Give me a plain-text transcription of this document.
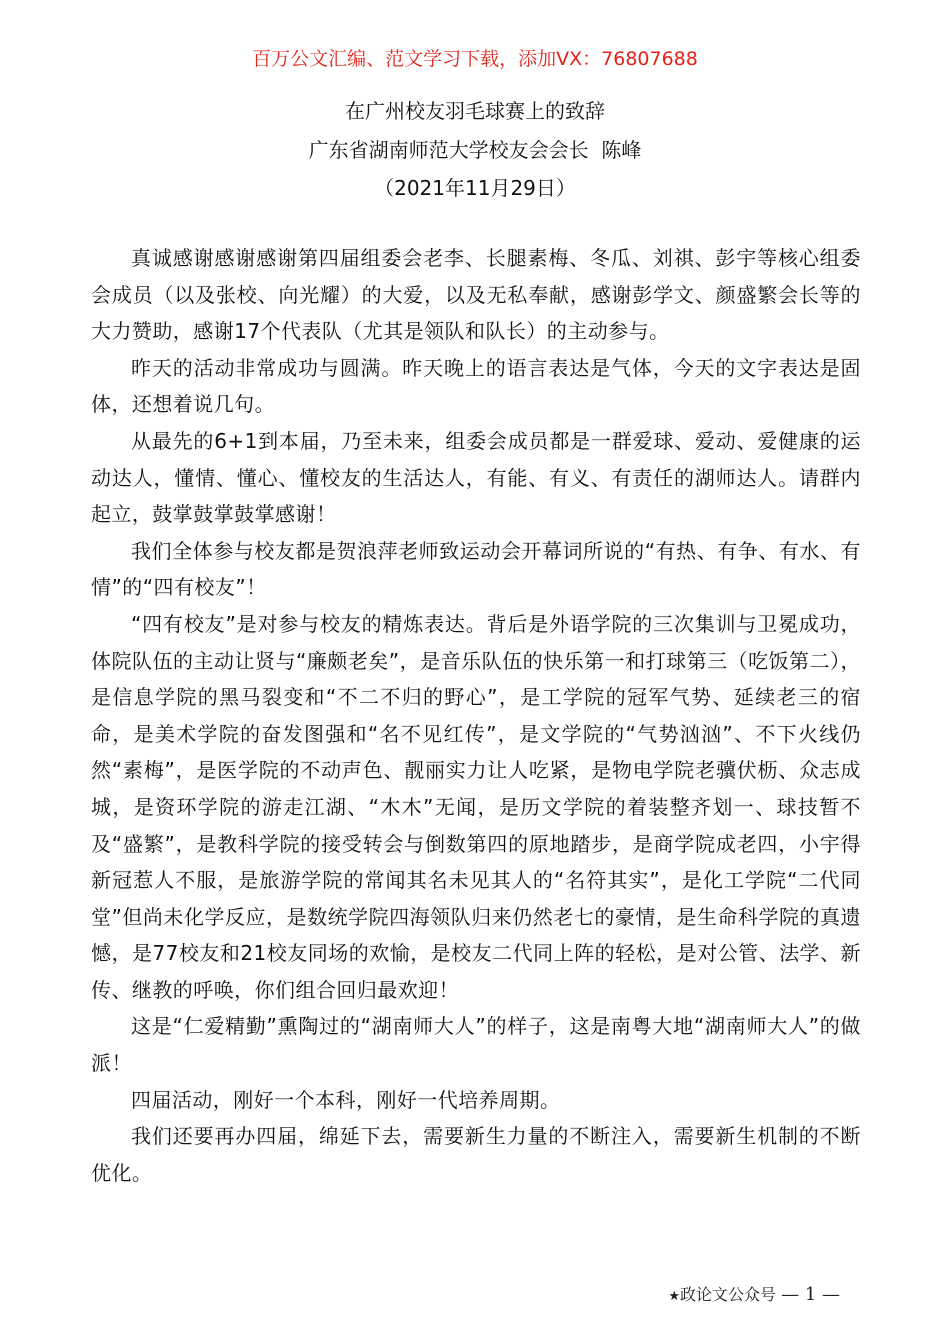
百万公文汇编、范文学习下载，添加VX：76807688
在广州校友羽毛球赛上的致辞
广东省湖南师范大学校友会会长  陈峰
（2021年11月29日）

真诚感谢感谢感谢第四届组委会老李、长腿素梅、冬瓜、刘祺、彭宇等核心组委会成员（以及张校、向光耀）的大爱，以及无私奉献，感谢彭学文、颜盛繁会长等的大力赞助，感谢17个代表队（尤其是领队和队长）的主动参与。

昨天的活动非常成功与圆满。昨天晚上的语言表达是气体，今天的文字表达是固体，还想着说几句。

从最先的6+1到本届，乃至未来，组委会成员都是一群爱球、爱动、爱健康的运动达人，懂情、懂心、懂校友的生活达人，有能、有义、有责任的湖师达人。请群内起立，鼓掌鼓掌鼓掌感谢！

我们全体参与校友都是贺浪萍老师致运动会开幕词所说的“有热、有争、有水、有情”的“四有校友”！

“四有校友”是对参与校友的精炼表达。背后是外语学院的三次集训与卫冕成功，体院队伍的主动让贤与“廉颇老矣”，是音乐队伍的快乐第一和打球第三（吃饭第二），是信息学院的黑马裂变和“不二不归的野心”，是工学院的冠军气势、延续老三的宿命，是美术学院的奋发图强和“名不见红传”，是文学院的“气势汹汹”、不下火线仍然“素梅”，是医学院的不动声色、靓丽实力让人吃紧，是物电学院老骥伏枥、众志成城，是资环学院的游走江湖、“木木”无闻，是历文学院的着装整齐划一、球技暂不及“盛繁”，是教科学院的接受转会与倒数第四的原地踏步，是商学院成老四，小宇得新冠惹人不服，是旅游学院的常闻其名未见其人的“名符其实”，是化工学院“二代同堂”但尚未化学反应，是数统学院四海领队归来仍然老七的豪情，是生命科学院的真遗憾，是77校友和21校友同场的欢愉，是校友二代同上阵的轻松，是对公管、法学、新传、继教的呼唤，你们组合回归最欢迎！

这是“仁爱精勤”熏陶过的“湖南师大人”的样子，这是南粤大地“湖南师大人”的做派！

四届活动，刚好一个本科，刚好一代培养周期。

我们还要再办四届，绵延下去，需要新生力量的不断注入，需要新生机制的不断优化。

★政论文公众号 — 1 —
